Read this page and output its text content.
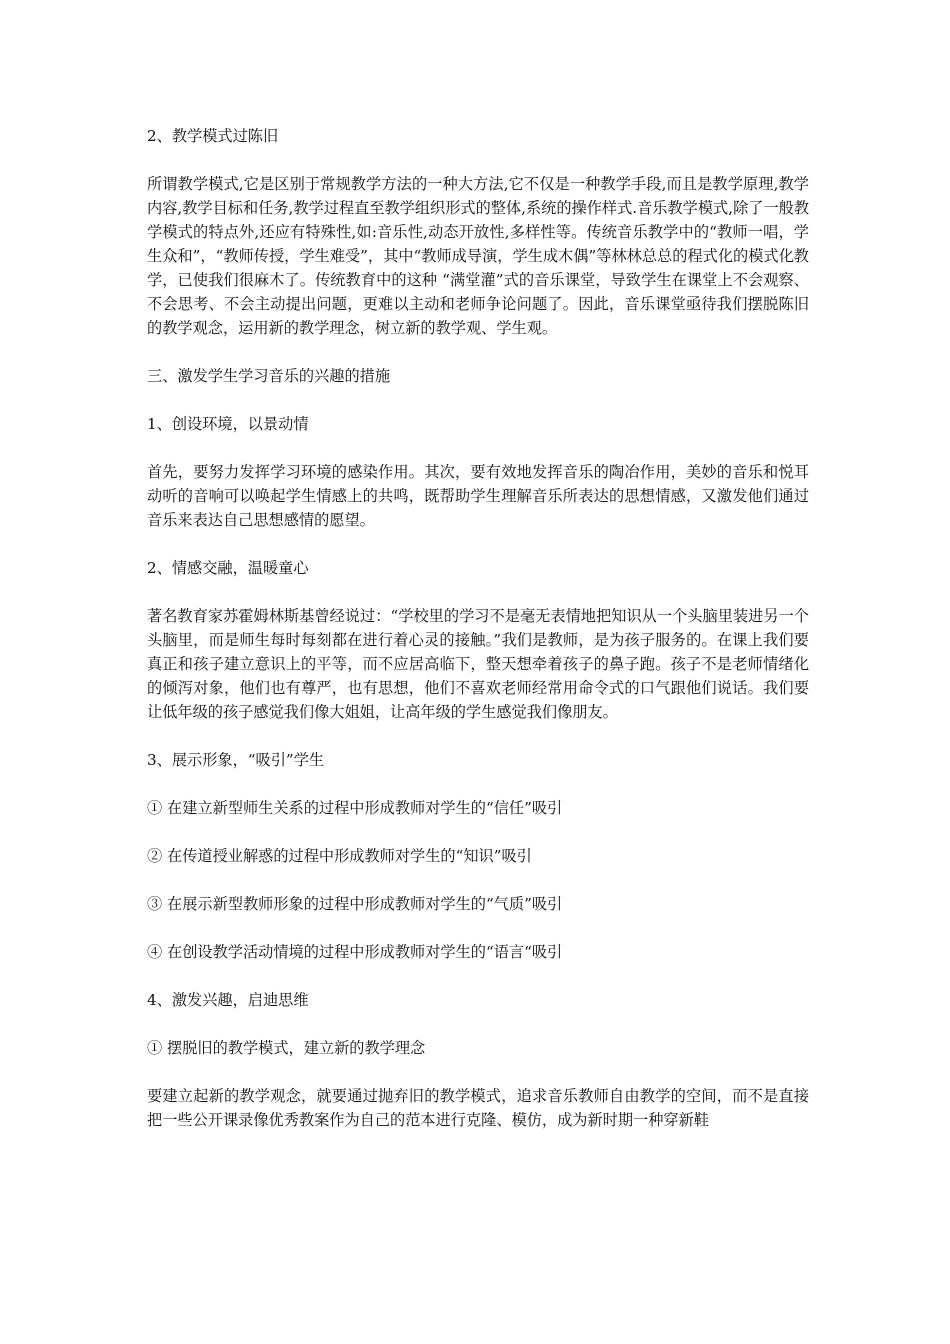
2、教学模式过陈旧

所谓教学模式,它是区别于常规教学方法的一种大方法,它不仅是一种教学手段,而且是教学原理,教学内容,教学目标和任务,教学过程直至教学组织形式的整体,系统的操作样式.音乐教学模式,除了一般教学模式的特点外,还应有特殊性,如:音乐性,动态开放性,多样性等。传统音乐教学中的“教师一唱，学生众和”，“教师传授，学生难受”，其中“教师成导演，学生成木偶”等林林总总的程式化的模式化教学，已使我们很麻木了。传统教育中的这种 “满堂灌”式的音乐课堂，导致学生在课堂上不会观察、不会思考、不会主动提出问题，更难以主动和老师争论问题了。因此，音乐课堂亟待我们摆脱陈旧的教学观念，运用新的教学理念，树立新的教学观、学生观。

三、激发学生学习音乐的兴趣的措施

1、创设环境，以景动情

首先，要努力发挥学习环境的感染作用。其次，要有效地发挥音乐的陶冶作用，美妙的音乐和悦耳动听的音响可以唤起学生情感上的共鸣，既帮助学生理解音乐所表达的思想情感，又激发他们通过音乐来表达自己思想感情的愿望。

2、情感交融，温暖童心

著名教育家苏霍姆林斯基曾经说过：“学校里的学习不是毫无表情地把知识从一个头脑里装进另一个头脑里，而是师生每时每刻都在进行着心灵的接触。”我们是教师，是为孩子服务的。在课上我们要真正和孩子建立意识上的平等，而不应居高临下，整天想牵着孩子的鼻子跑。孩子不是老师情绪化的倾泻对象，他们也有尊严，也有思想，他们不喜欢老师经常用命令式的口气跟他们说话。我们要让低年级的孩子感觉我们像大姐姐，让高年级的学生感觉我们像朋友。

3、展示形象，“吸引”学生

① 在建立新型师生关系的过程中形成教师对学生的“信任”吸引

② 在传道授业解惑的过程中形成教师对学生的“知识”吸引

③ 在展示新型教师形象的过程中形成教师对学生的“气质”吸引

④ 在创设教学活动情境的过程中形成教师对学生的“语言“吸引

4、激发兴趣，启迪思维

① 摆脱旧的教学模式，建立新的教学理念

要建立起新的教学观念，就要通过抛弃旧的教学模式，追求音乐教师自由教学的空间，而不是直接把一些公开课录像优秀教案作为自己的范本进行克隆、模仿，成为新时期一种穿新鞋
